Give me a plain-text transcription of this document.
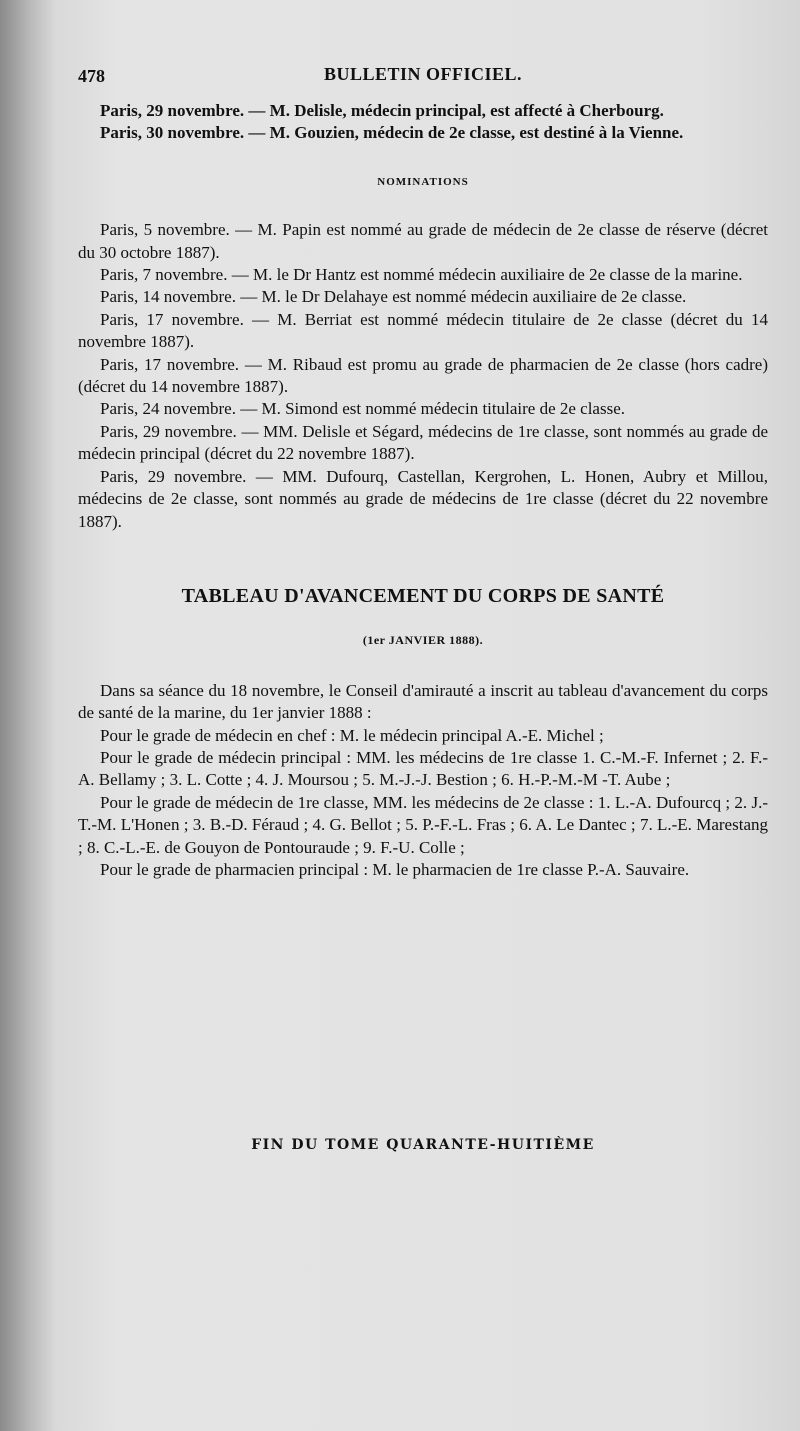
478	BULLETIN OFFICIEL.

Paris, 29 novembre. — M. Delisle, médecin principal, est affecté à Cherbourg.

Paris, 30 novembre. — M. Gouzien, médecin de 2e classe, est destiné à la Vienne.

NOMINATIONS

Paris, 5 novembre. — M. Papin est nommé au grade de médecin de 2e classe de réserve (décret du 30 octobre 1887).

Paris, 7 novembre. — M. le Dr Hantz est nommé médecin auxiliaire de 2e classe de la marine.

Paris, 14 novembre. — M. le Dr Delahaye est nommé médecin auxiliaire de 2e classe.

Paris, 17 novembre. — M. Berriat est nommé médecin titulaire de 2e classe (décret du 14 novembre 1887).

Paris, 17 novembre. — M. Ribaud est promu au grade de pharmacien de 2e classe (hors cadre) (décret du 14 novembre 1887).

Paris, 24 novembre. — M. Simond est nommé médecin titulaire de 2e classe.

Paris, 29 novembre. — MM. Delisle et Ségard, médecins de 1re classe, sont nommés au grade de médecin principal (décret du 22 novembre 1887).

Paris, 29 novembre. — MM. Dufourq, Castellan, Kergrohen, L. Honen, Aubry et Millou, médecins de 2e classe, sont nommés au grade de médecins de 1re classe (décret du 22 novembre 1887).

TABLEAU D'AVANCEMENT DU CORPS DE SANTÉ
(1er JANVIER 1888).

Dans sa séance du 18 novembre, le Conseil d'amirauté a inscrit au tableau d'avancement du corps de santé de la marine, du 1er janvier 1888 :

Pour le grade de médecin en chef : M. le médecin principal A.-E. Michel ;

Pour le grade de médecin principal : MM. les médecins de 1re classe 1. C.-M.-F. Infernet ; 2. F.-A. Bellamy ; 3. L. Cotte ; 4. J. Moursou ; 5. M.-J.-J. Bestion ; 6. H.-P.-M.-M -T. Aube ;

Pour le grade de médecin de 1re classe, MM. les médecins de 2e classe : 1. L.-A. Dufourcq ; 2. J.-T.-M. L'Honen ; 3. B.-D. Féraud ; 4. G. Bellot ; 5. P.-F.-L. Fras ; 6. A. Le Dantec ; 7. L.-E. Marestang ; 8. C.-L.-E. de Gouyon de Pontouraude ; 9. F.-U. Colle ;

Pour le grade de pharmacien principal : M. le pharmacien de 1re classe P.-A. Sauvaire.

FIN DU TOME QUARANTE-HUITIÈME
